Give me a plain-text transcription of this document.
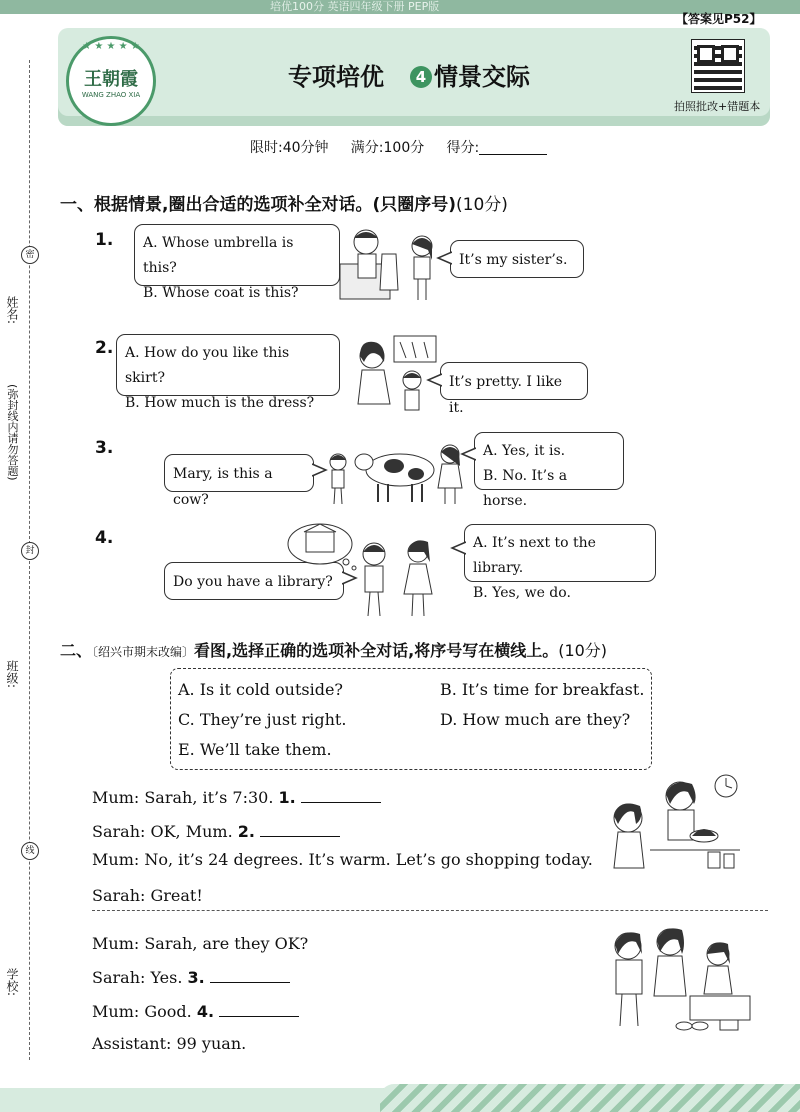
培优100分 英语四年级下册 PEP版
【答案见P52】
★ ★ ★ ★ ★
王朝霞
WANG ZHAO XIA
专项培优 4 情景交际
拍照批改+错题本
限时:40分钟 满分:100分 得分:
姓名:
(弥封线内请勿答题)
班级:
学校:
密
封
线
一、根据情景,圈出合适的选项补全对话。(只圈序号)(10分)
1. A. Whose umbrella is this?
B. Whose coat is this?
It’s my sister’s.
2. A. How do you like this skirt?
B. How much is the dress?
It’s pretty. I like it.
3.
Mary, is this a cow?
A. Yes, it is.
B. No. It’s a horse.
4.
Do you have a library?
A. It’s next to the library.
B. Yes, we do.
二、〔绍兴市期末改编〕看图,选择正确的选项补全对话,将序号写在横线上。(10分)
A. Is it cold outside?	B. It’s time for breakfast.
C. They’re just right.	D. How much are they?
E. We’ll take them.
Mum: Sarah, it’s 7:30. 1.
Sarah: OK, Mum. 2.
Mum: No, it’s 24 degrees. It’s warm. Let’s go shopping today.
Sarah: Great!
Mum: Sarah, are they OK?
Sarah: Yes. 3.
Mum: Good. 4.
Assistant: 99 yuan.
